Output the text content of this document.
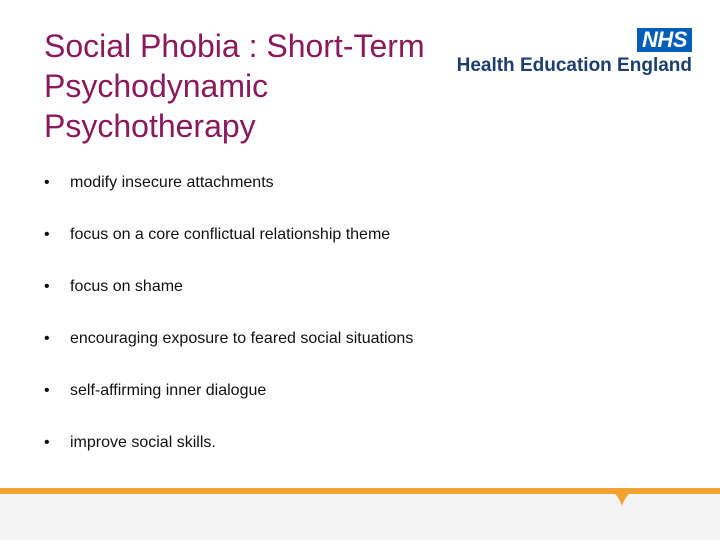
Social Phobia : Short-Term Psychodynamic Psychotherapy
NHS
Health Education England
•	modify insecure attachments
•	focus on a core conflictual relationship theme
•	focus on shame
•	encouraging exposure to feared social situations
•	self-affirming inner dialogue
•	improve social skills.
